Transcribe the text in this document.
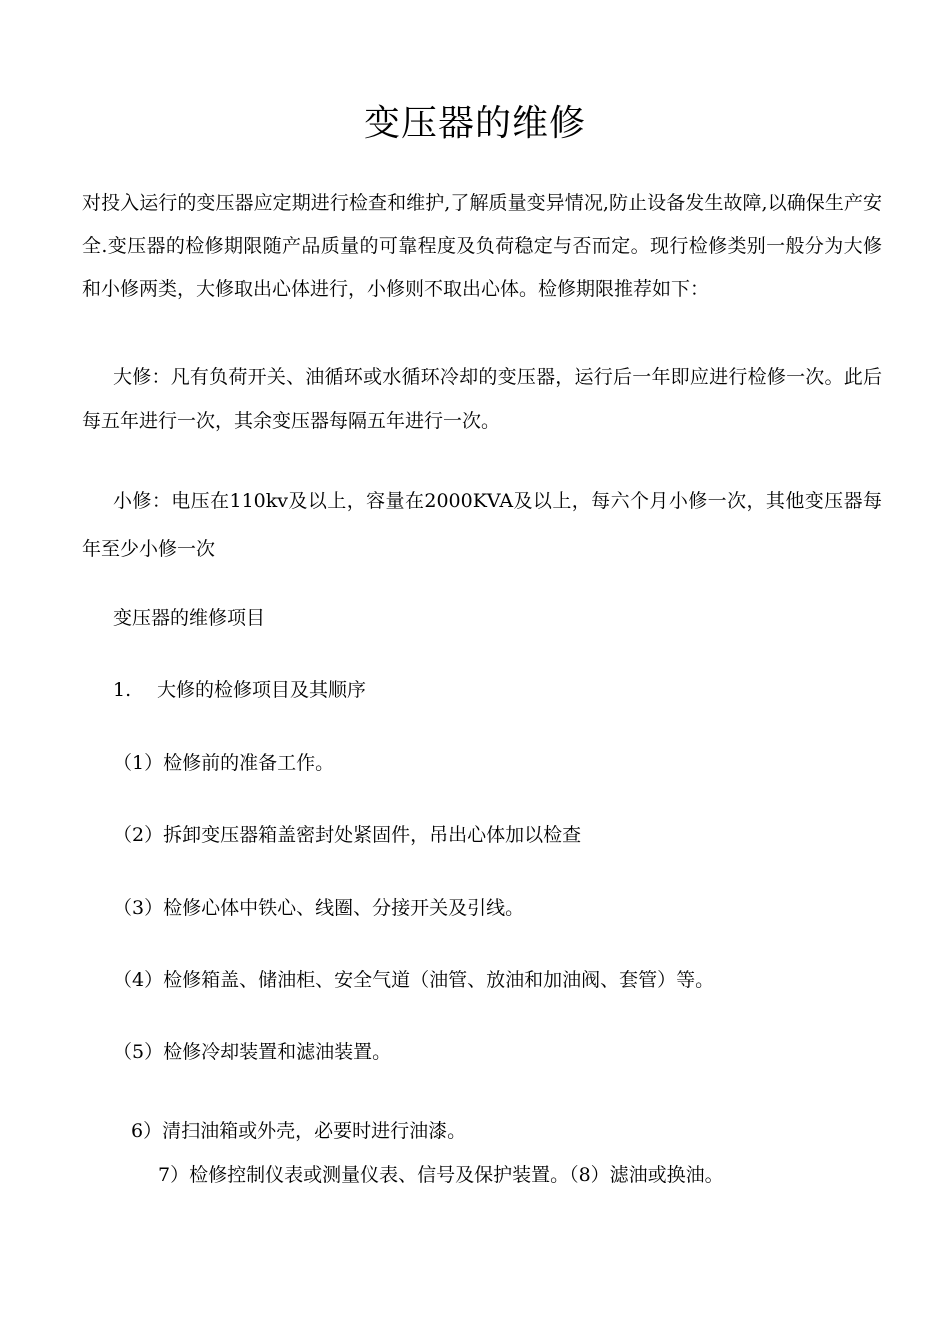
变压器的维修
对投入运行的变压器应定期进行检查和维护,了解质量变异情况,防止设备发生故障,以确保生产安全.变压器的检修期限随产品质量的可靠程度及负荷稳定与否而定。现行检修类别一般分为大修和小修两类，大修取出心体进行，小修则不取出心体。检修期限推荐如下：
大修：凡有负荷开关、油循环或水循环冷却的变压器，运行后一年即应进行检修一次。此后每五年进行一次，其余变压器每隔五年进行一次。
小修：电压在110kv及以上，容量在2000KVA及以上，每六个月小修一次，其他变压器每年至少小修一次
变压器的维修项目
1. 大修的检修项目及其顺序
（1）检修前的准备工作。
（2）拆卸变压器箱盖密封处紧固件，吊出心体加以检查
（3）检修心体中铁心、线圈、分接开关及引线。
（4）检修箱盖、储油柜、安全气道（油管、放油和加油阀、套管）等。
（5）检修冷却装置和滤油装置。
6）清扫油箱或外壳，必要时进行油漆。
7）检修控制仪表或测量仪表、信号及保护装置。（8）滤油或换油。
